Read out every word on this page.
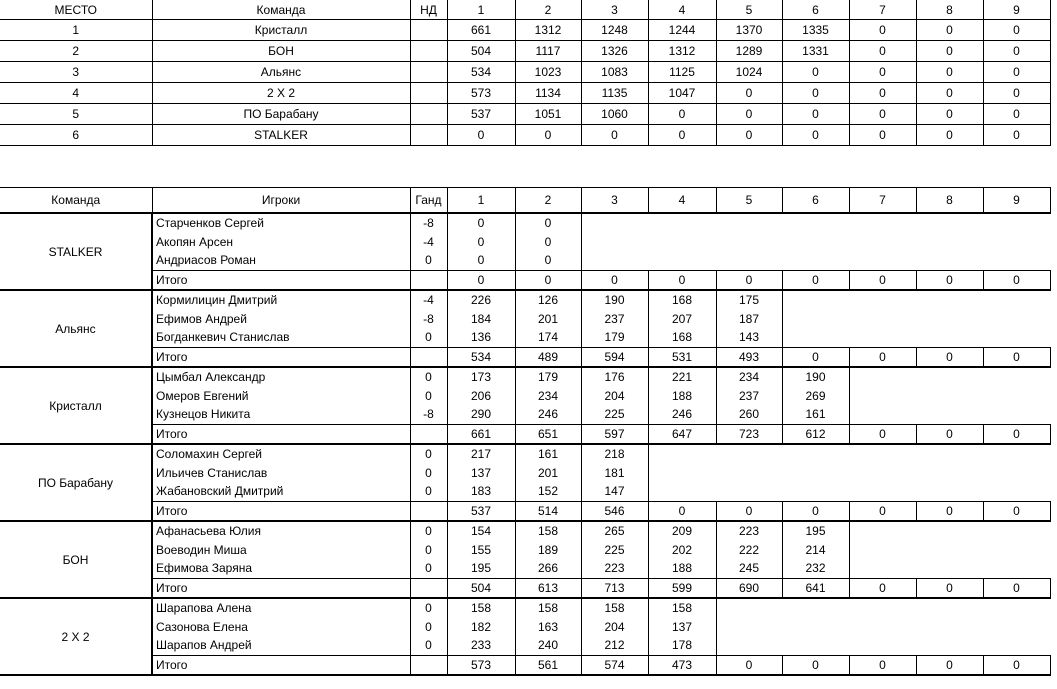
МЕСТО	Команда	НД	1	2	3	4	5	6	7	8	9
1	Кристалл		661	1312	1248	1244	1370	1335	0	0	0
2	БОН		504	1117	1326	1312	1289	1331	0	0	0
3	Альянс		534	1023	1083	1125	1024	0	0	0	0
4	2 Х 2		573	1134	1135	1047	0	0	0	0	0
5	ПО Барабану		537	1051	1060	0	0	0	0	0	0
6	STALKER		0	0	0	0	0	0	0	0	0
Команда	Игроки	Ганд	1	2	3	4	5	6	7	8	9
STALKER	Старченков Сергей	-8	0	0							
	Акопян Арсен	-4	0	0							
	Андриасов Роман	0	0	0							
	Итого		0	0	0	0	0	0	0	0	0
Альянс	Кормилицин Дмитрий	-4	226	126	190	168	175				
	Ефимов Андрей	-8	184	201	237	207	187				
	Богданкевич Станислав	0	136	174	179	168	143				
	Итого		534	489	594	531	493	0	0	0	0
Кристалл	Цымбал Александр	0	173	179	176	221	234	190			
	Омеров Евгений	0	206	234	204	188	237	269			
	Кузнецов Никита	-8	290	246	225	246	260	161			
	Итого		661	651	597	647	723	612	0	0	0
ПО Барабану	Соломахин Сергей	0	217	161	218						
	Ильичев Станислав	0	137	201	181						
	Жабановский Дмитрий	0	183	152	147						
	Итого		537	514	546	0	0	0	0	0	0
БОН	Афанасьева Юлия	0	154	158	265	209	223	195			
	Воеводин Миша	0	155	189	225	202	222	214			
	Ефимова Заряна	0	195	266	223	188	245	232			
	Итого		504	613	713	599	690	641	0	0	0
2 Х 2	Шарапова Алена	0	158	158	158	158					
	Сазонова Елена	0	182	163	204	137					
	Шарапов Андрей	0	233	240	212	178					
	Итого		573	561	574	473	0	0	0	0	0
